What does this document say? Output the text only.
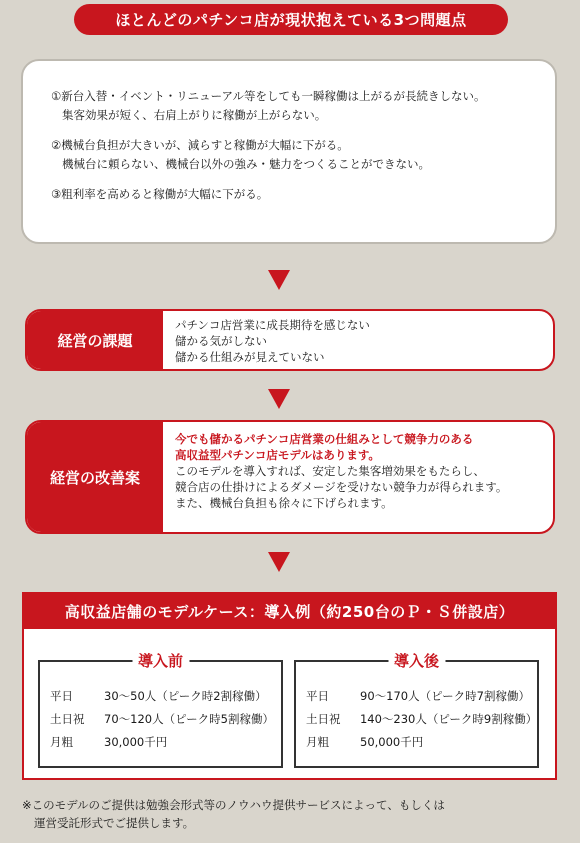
ほとんどのパチンコ店が現状抱えている3つ問題点
①新台入替・イベント・リニューアル等をしても一瞬稼働は上がるが長続きしない。
集客効果が短く、右肩上がりに稼働が上がらない。
②機械台負担が大きいが、減らすと稼働が大幅に下がる。
機械台に頼らない、機械台以外の強み・魅力をつくることができない。
③粗利率を高めると稼働が大幅に下がる。
経営の課題
パチンコ店営業に成長期待を感じない
儲かる気がしない
儲かる仕組みが見えていない
経営の改善案
今でも儲かるパチンコ店営業の仕組みとして競争力のある
高収益型パチンコ店モデルはあります。
このモデルを導入すれば、安定した集客増効果をもたらし、
競合店の仕掛けによるダメージを受けない競争力が得られます。
また、機械台負担も徐々に下げられます。
高収益店舗のモデルケース：導入例（約250台のＰ・Ｓ併設店）
導入前
平日	30～50人（ピーク時2割稼働）
土日祝	70～120人（ピーク時5割稼働）
月粗	30,000千円
導入後
平日	90～170人（ピーク時7割稼働）
土日祝	140～230人（ピーク時9割稼働）
月粗	50,000千円
※このモデルのご提供は勉強会形式等のノウハウ提供サービスによって、もしくは
運営受託形式でご提供します。
